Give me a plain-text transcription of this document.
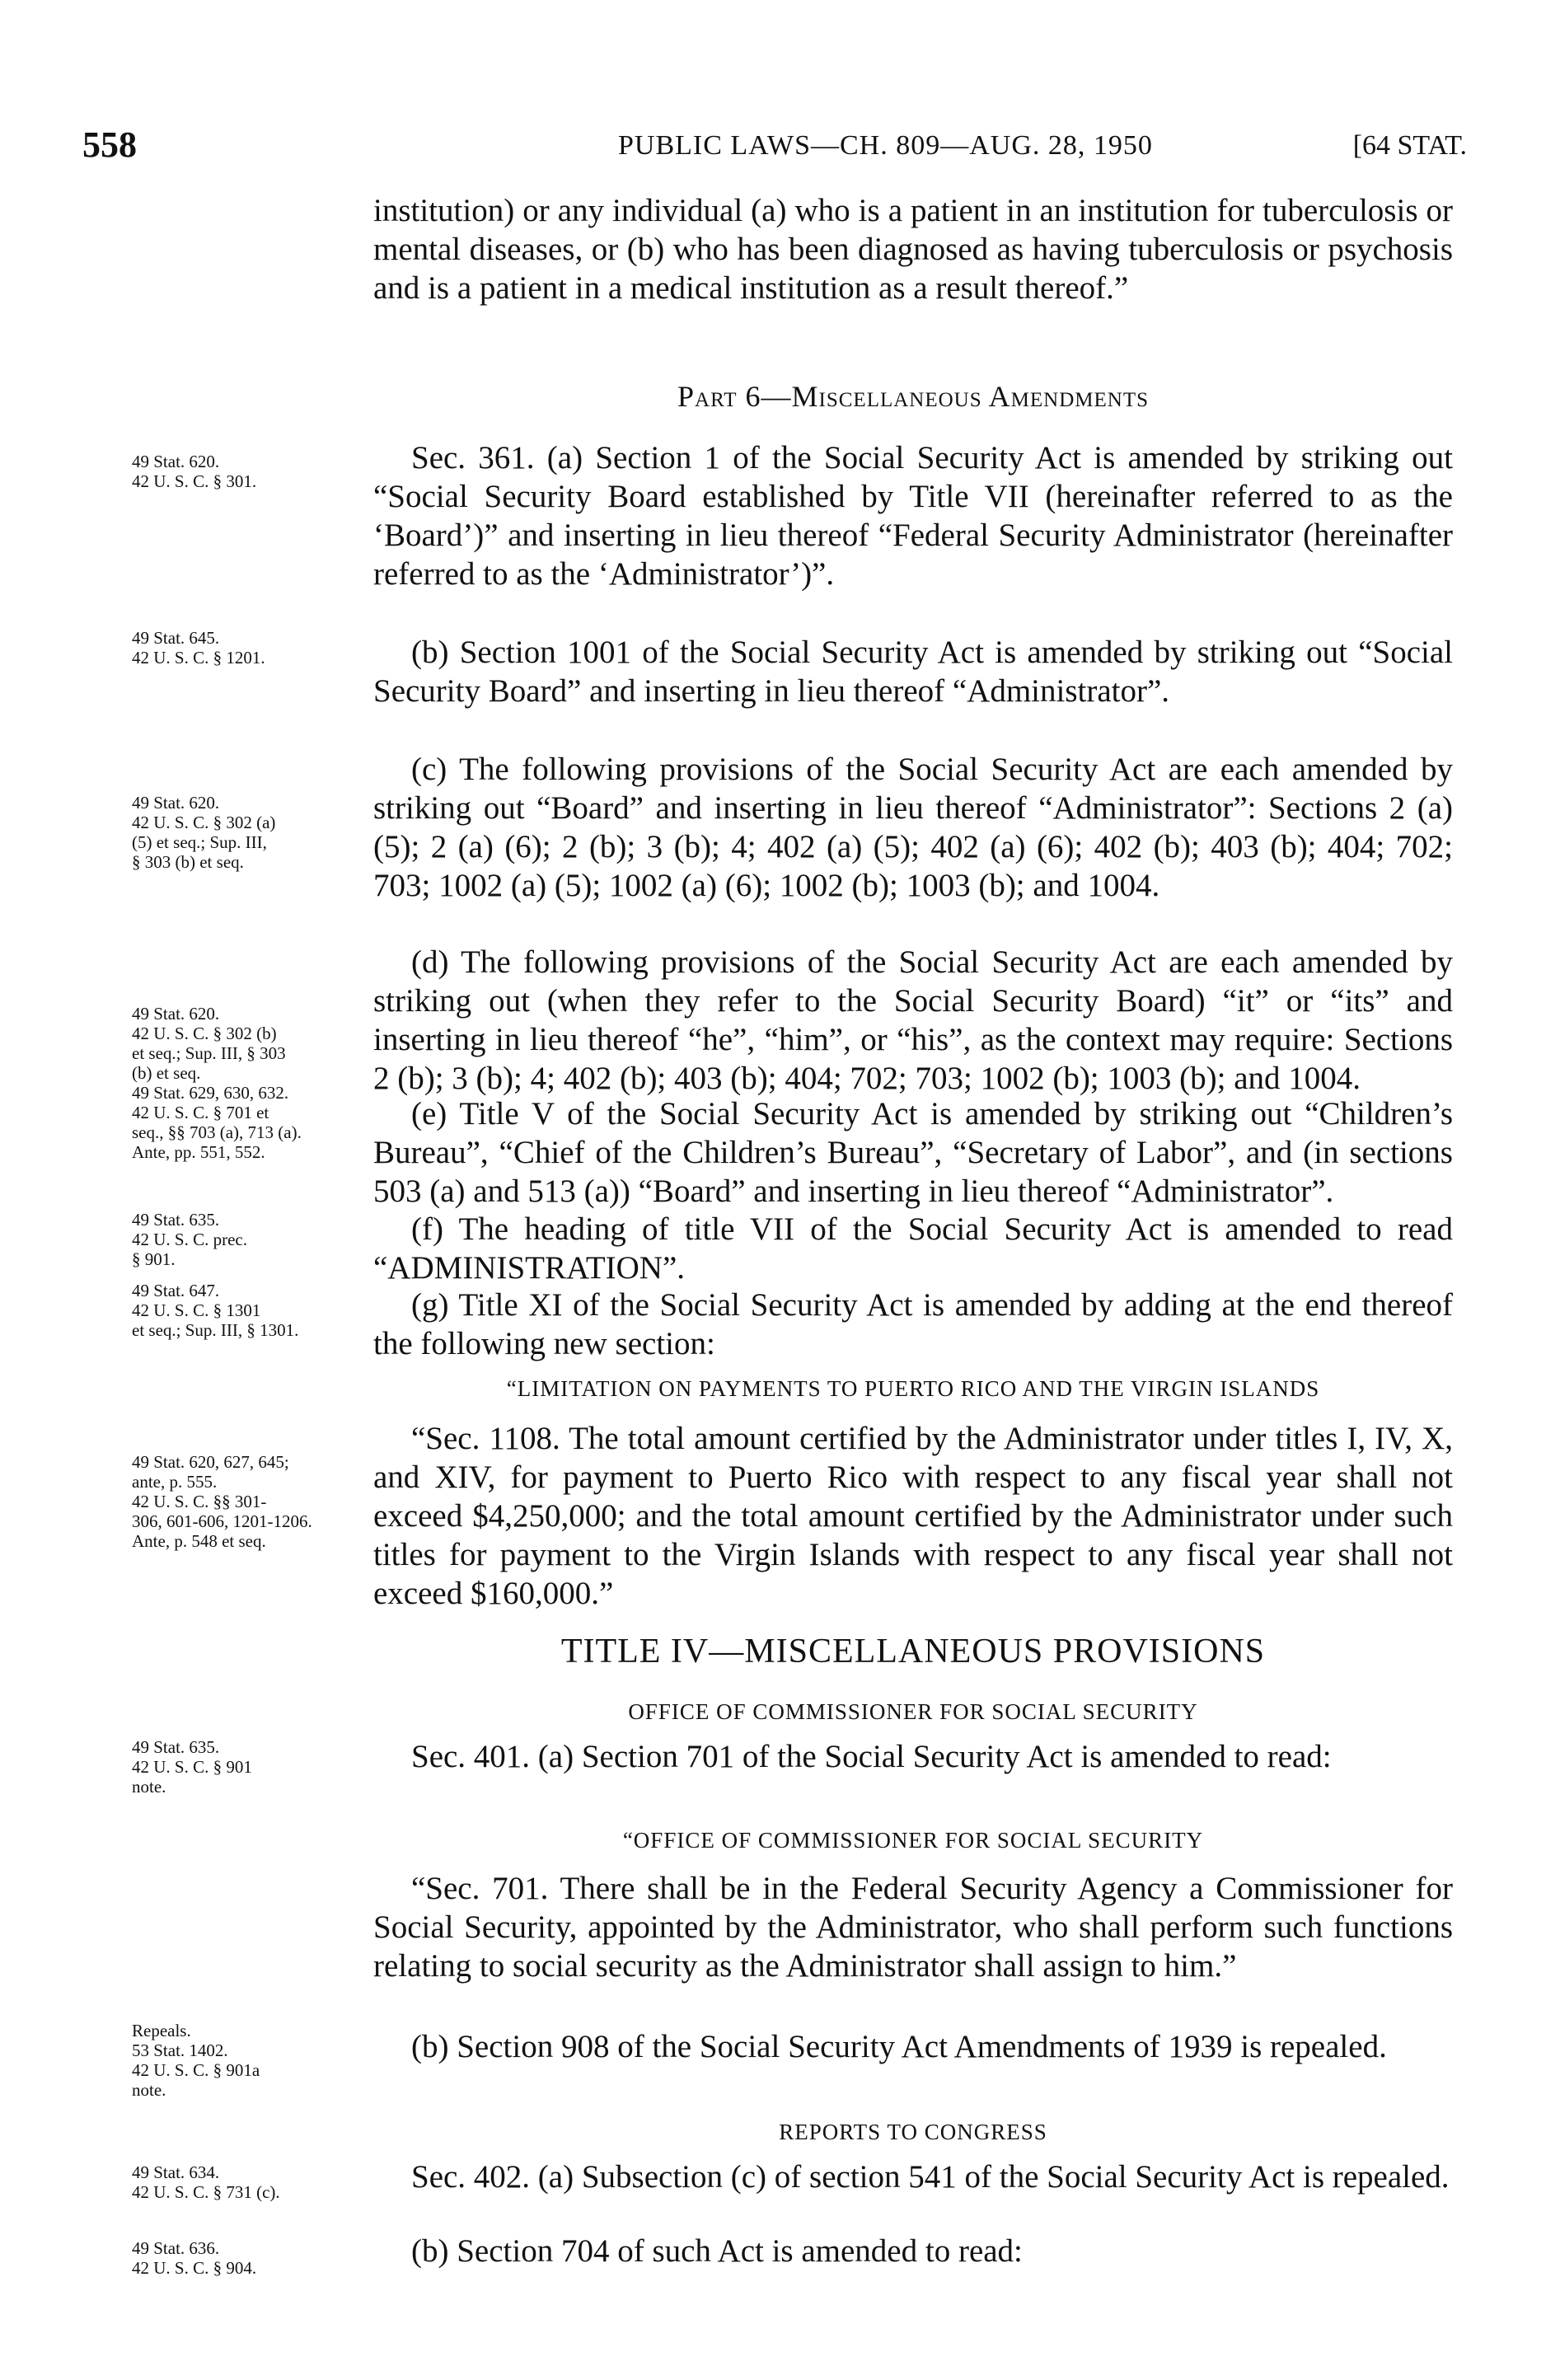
558	PUBLIC LAWS—CH. 809—AUG. 28, 1950	[64 STAT.

institution) or any individual (a) who is a patient in an institution for tuberculosis or mental diseases, or (b) who has been diagnosed as having tuberculosis or psychosis and is a patient in a medical institution as a result thereof.”

Part 6—Miscellaneous Amendments

Sec. 361. (a) Section 1 of the Social Security Act is amended by striking out “Social Security Board established by Title VII (hereinafter referred to as the ‘Board’)” and inserting in lieu thereof “Federal Security Administrator (hereinafter referred to as the ‘Administrator’)”.

(b) Section 1001 of the Social Security Act is amended by striking out “Social Security Board” and inserting in lieu thereof “Administrator”.

(c) The following provisions of the Social Security Act are each amended by striking out “Board” and inserting in lieu thereof “Administrator”: Sections 2 (a) (5); 2 (a) (6); 2 (b); 3 (b); 4; 402 (a) (5); 402 (a) (6); 402 (b); 403 (b); 404; 702; 703; 1002 (a) (5); 1002 (a) (6); 1002 (b); 1003 (b); and 1004.

(d) The following provisions of the Social Security Act are each amended by striking out (when they refer to the Social Security Board) “it” or “its” and inserting in lieu thereof “he”, “him”, or “his”, as the context may require: Sections 2 (b); 3 (b); 4; 402 (b); 403 (b); 404; 702; 703; 1002 (b); 1003 (b); and 1004.

(e) Title V of the Social Security Act is amended by striking out “Children’s Bureau”, “Chief of the Children’s Bureau”, “Secretary of Labor”, and (in sections 503 (a) and 513 (a)) “Board” and inserting in lieu thereof “Administrator”.

(f) The heading of title VII of the Social Security Act is amended to read “ADMINISTRATION”.

(g) Title XI of the Social Security Act is amended by adding at the end thereof the following new section:

“LIMITATION ON PAYMENTS TO PUERTO RICO AND THE VIRGIN ISLANDS

“Sec. 1108. The total amount certified by the Administrator under titles I, IV, X, and XIV, for payment to Puerto Rico with respect to any fiscal year shall not exceed $4,250,000; and the total amount certified by the Administrator under such titles for payment to the Virgin Islands with respect to any fiscal year shall not exceed $160,000.”

TITLE IV—MISCELLANEOUS PROVISIONS
OFFICE OF COMMISSIONER FOR SOCIAL SECURITY

Sec. 401. (a) Section 701 of the Social Security Act is amended to read:

“OFFICE OF COMMISSIONER FOR SOCIAL SECURITY

“Sec. 701. There shall be in the Federal Security Agency a Commissioner for Social Security, appointed by the Administrator, who shall perform such functions relating to social security as the Administrator shall assign to him.”

(b) Section 908 of the Social Security Act Amendments of 1939 is repealed.

REPORTS TO CONGRESS

Sec. 402. (a) Subsection (c) of section 541 of the Social Security Act is repealed.

(b) Section 704 of such Act is amended to read:

49 Stat. 620.
42 U. S. C. § 301.
49 Stat. 645.
42 U. S. C. § 1201.
49 Stat. 620.
42 U. S. C. § 302 (a)
(5) et seq.; Sup. III,
§ 303 (b) et seq.
49 Stat. 620.
42 U. S. C. § 302 (b)
et seq.; Sup. III, § 303
(b) et seq.
49 Stat. 629, 630, 632.
42 U. S. C. § 701 et
seq., §§ 703 (a), 713 (a).
Ante, pp. 551, 552.
49 Stat. 635.
42 U. S. C. prec.
§ 901.
49 Stat. 647.
42 U. S. C. § 1301
et seq.; Sup. III, § 1301.
49 Stat. 620, 627, 645;
ante, p. 555.
42 U. S. C. §§ 301-
306, 601-606, 1201-1206.
Ante, p. 548 et seq.
49 Stat. 635.
42 U. S. C. § 901
note.
Repeals.
53 Stat. 1402.
42 U. S. C. § 901a
note.
49 Stat. 634.
42 U. S. C. § 731 (c).
49 Stat. 636.
42 U. S. C. § 904.
